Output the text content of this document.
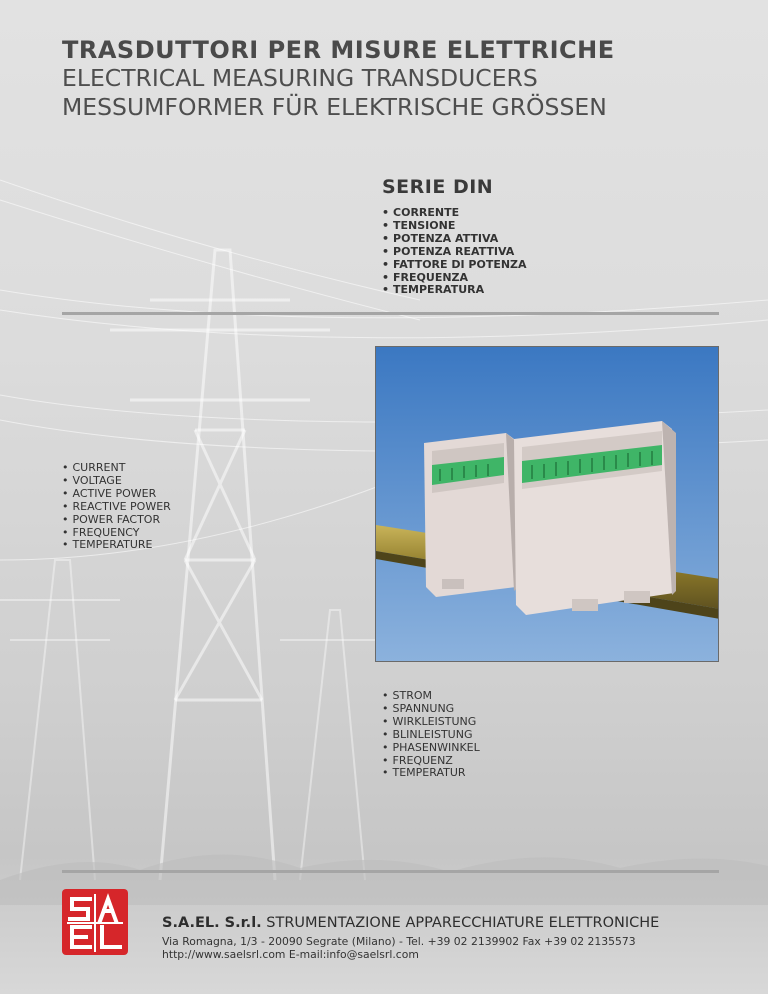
TRASDUTTORI PER MISURE ELETTRICHE
ELECTRICAL MEASURING TRANSDUCERS
MESSUMFORMER FÜR ELEKTRISCHE GRÖSSEN
SERIE DIN
• CORRENTE
• TENSIONE
• POTENZA ATTIVA
• POTENZA REATTIVA
• FATTORE DI POTENZA
• FREQUENZA
• TEMPERATURA
• CURRENT
• VOLTAGE
• ACTIVE POWER
• REACTIVE POWER
• POWER FACTOR
• FREQUENCY
• TEMPERATURE
• STROM
• SPANNUNG
• WIRKLEISTUNG
• BLINLEISTUNG
• PHASENWINKEL
• FREQUENZ
• TEMPERATUR
S.A.EL. S.r.l. STRUMENTAZIONE APPARECCHIATURE ELETTRONICHE
Via Romagna, 1/3 - 20090 Segrate (Milano) - Tel. +39 02 2139902 Fax +39 02 2135573
http://www.saelsrl.com E-mail:info@saelsrl.com
